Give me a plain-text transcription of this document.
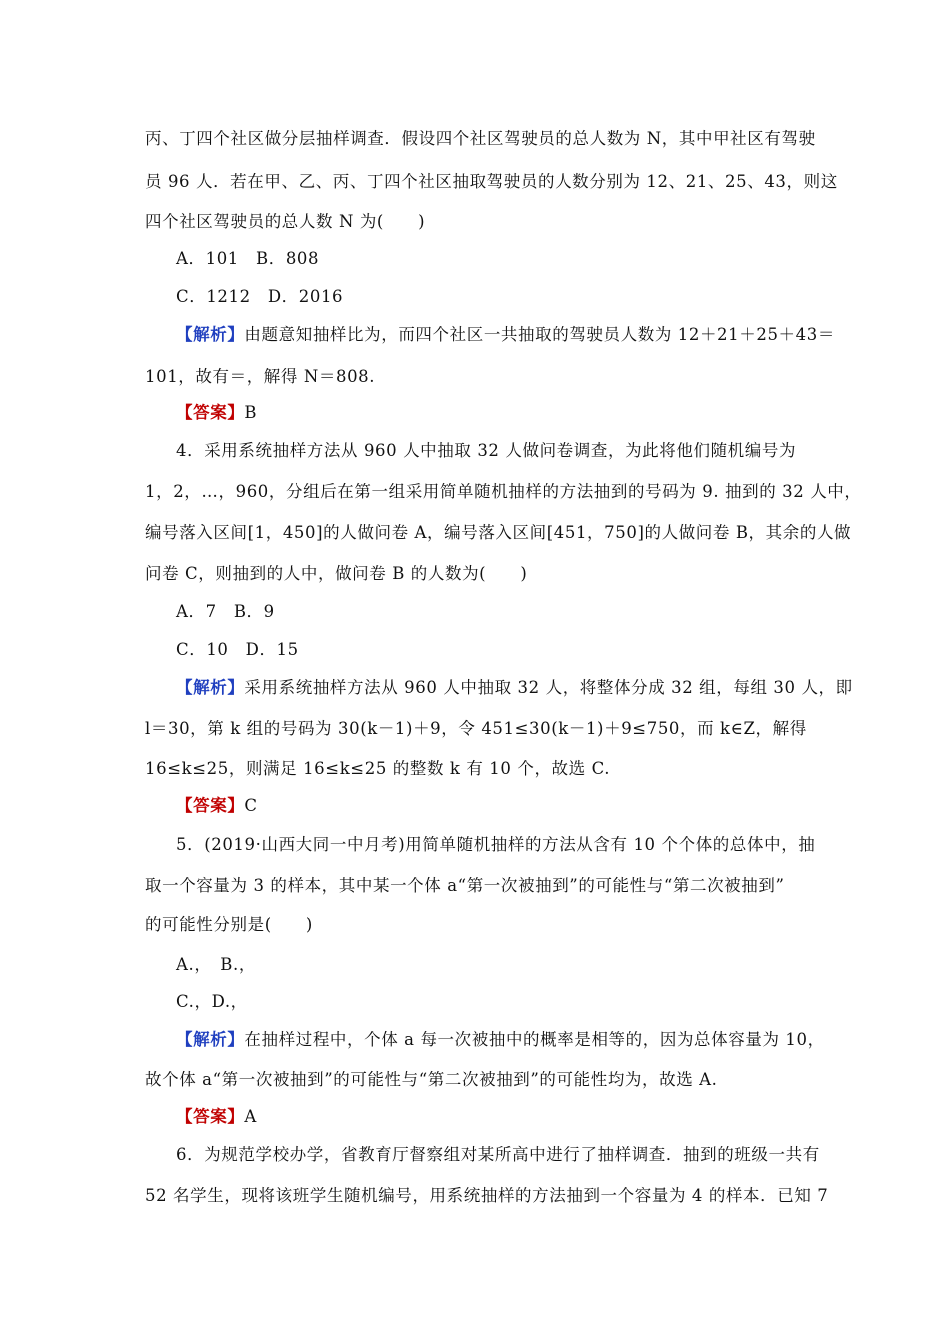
丙、丁四个社区做分层抽样调查．假设四个社区驾驶员的总人数为 N，其中甲社区有驾驶
员 96 人．若在甲、乙、丙、丁四个社区抽取驾驶员的人数分别为 12、21、25、43，则这
四个社区驾驶员的总人数 N 为(　　)
A．101　B．808
C．1212　D．2016
【解析】由题意知抽样比为，而四个社区一共抽取的驾驶员人数为 12＋21＋25＋43＝
101，故有＝，解得 N＝808.
【答案】B
4．采用系统抽样方法从 960 人中抽取 32 人做问卷调查，为此将他们随机编号为
1，2，…，960，分组后在第一组采用简单随机抽样的方法抽到的号码为 9. 抽到的 32 人中，
编号落入区间[1，450]的人做问卷 A，编号落入区间[451，750]的人做问卷 B，其余的人做
问卷 C，则抽到的人中，做问卷 B 的人数为(　　)
A．7　B．9
C．10　D．15
【解析】采用系统抽样方法从 960 人中抽取 32 人，将整体分成 32 组，每组 30 人，即
l＝30，第 k 组的号码为 30(k－1)＋9，令 451≤30(k－1)＋9≤750，而 k∈Z，解得
16≤k≤25，则满足 16≤k≤25 的整数 k 有 10 个，故选 C.
【答案】C
5．(2019·山西大同一中月考)用简单随机抽样的方法从含有 10 个个体的总体中，抽
取一个容量为 3 的样本，其中某一个体 a“第一次被抽到”的可能性与“第二次被抽到”
的可能性分别是(　　)
A.，　B.，
C.，D.，
【解析】在抽样过程中，个体 a 每一次被抽中的概率是相等的，因为总体容量为 10，
故个体 a“第一次被抽到”的可能性与“第二次被抽到”的可能性均为，故选 A.
【答案】A
6．为规范学校办学，省教育厅督察组对某所高中进行了抽样调查．抽到的班级一共有
52 名学生，现将该班学生随机编号，用系统抽样的方法抽到一个容量为 4 的样本．已知 7
